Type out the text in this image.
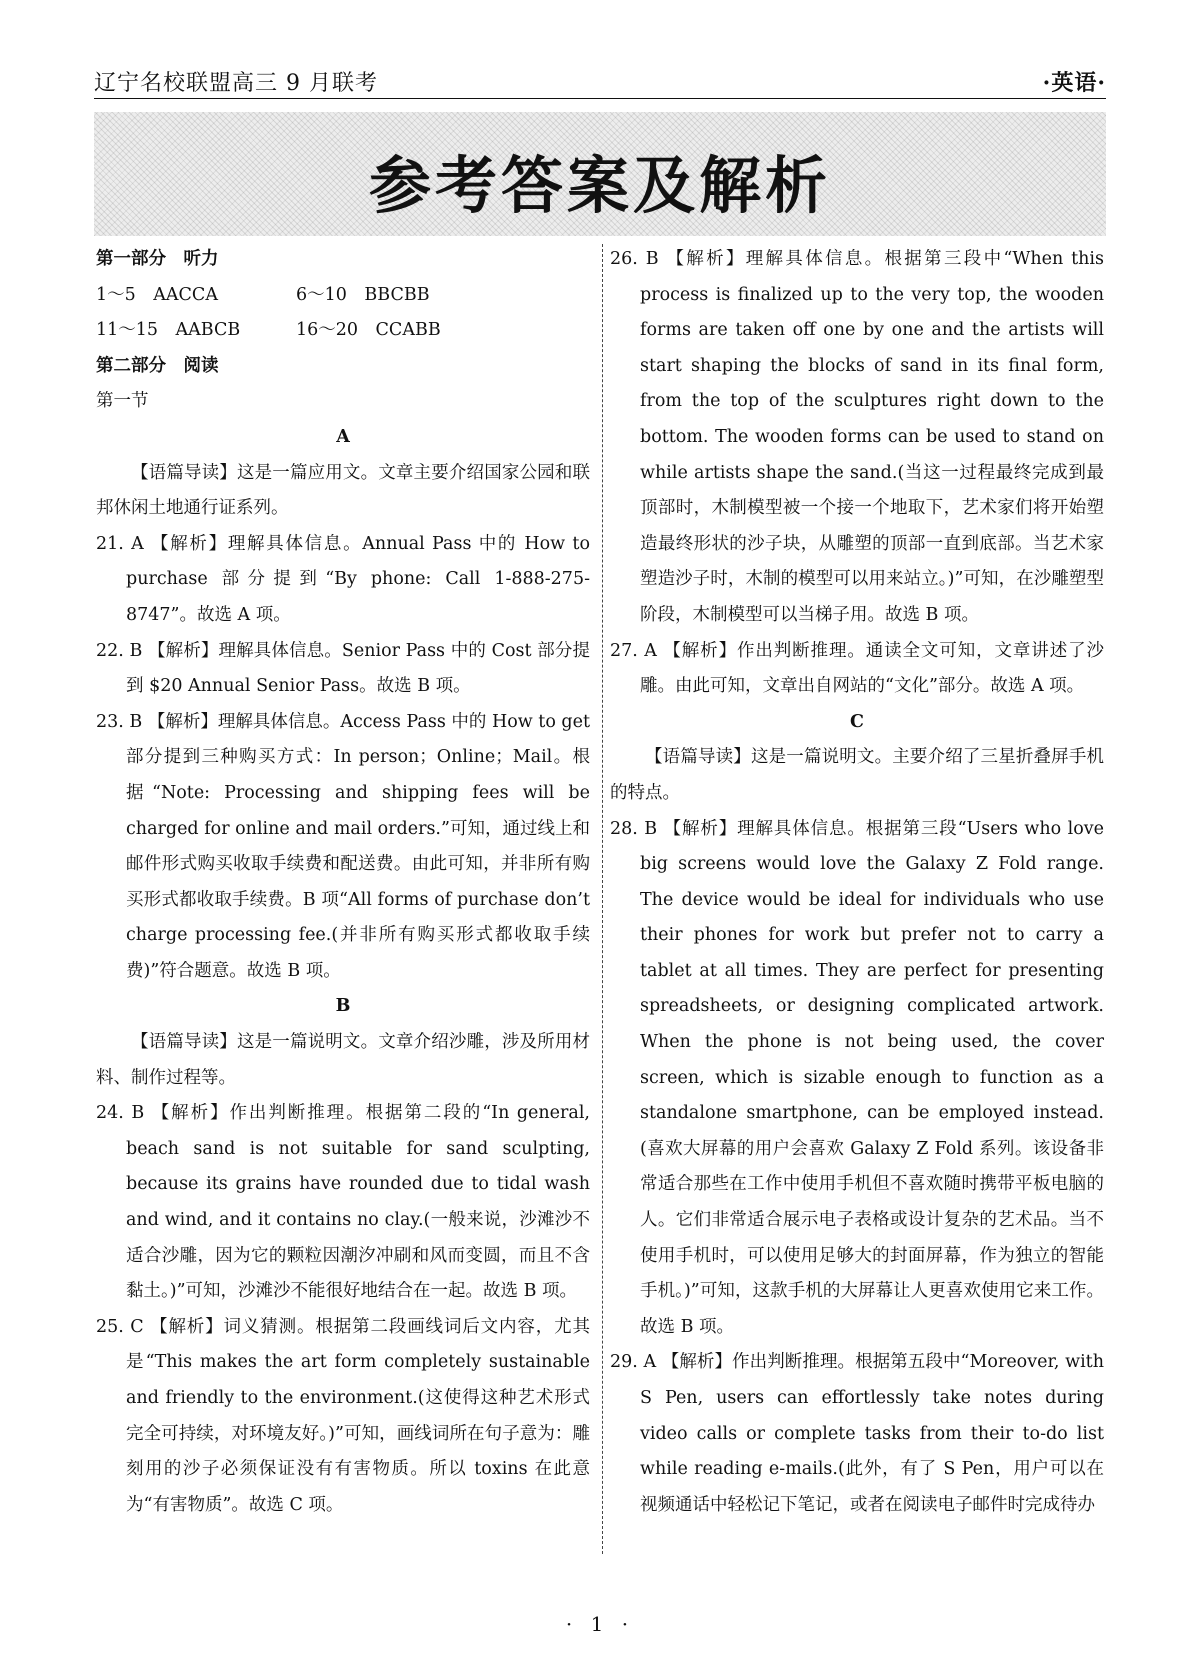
辽宁名校联盟高三 9 月联考	·英语·
参考答案及解析

第一部分　听力

1～5　AACCA	6～10　BBCBB
11～15　AABCB	16～20　CCABB

第二部分　阅读

第一节

A

【语篇导读】这是一篇应用文。文章主要介绍国家公园和联邦休闲土地通行证系列。

21. A 【解析】理解具体信息。Annual Pass 中的 How to purchase 部分提到“By phone: Call 1-888-275-8747”。故选 A 项。

22. B 【解析】理解具体信息。Senior Pass 中的 Cost 部分提到 $20 Annual Senior Pass。故选 B 项。

23. B 【解析】理解具体信息。Access Pass 中的 How to get 部分提到三种购买方式：In person；Online；Mail。根据“Note: Processing and shipping fees will be charged for online and mail orders.”可知，通过线上和邮件形式购买收取手续费和配送费。由此可知，并非所有购买形式都收取手续费。B 项“All forms of purchase don’t charge processing fee.(并非所有购买形式都收取手续费)”符合题意。故选 B 项。

B

【语篇导读】这是一篇说明文。文章介绍沙雕，涉及所用材料、制作过程等。

24. B 【解析】作出判断推理。根据第二段的“In general, beach sand is not suitable for sand sculpting, because its grains have rounded due to tidal wash and wind, and it contains no clay.(一般来说，沙滩沙不适合沙雕，因为它的颗粒因潮汐冲刷和风而变圆，而且不含黏土。)”可知，沙滩沙不能很好地结合在一起。故选 B 项。

25. C 【解析】词义猜测。根据第二段画线词后文内容，尤其是“This makes the art form completely sustainable and friendly to the environment.(这使得这种艺术形式完全可持续，对环境友好。)”可知，画线词所在句子意为：雕刻用的沙子必须保证没有有害物质。所以 toxins 在此意为“有害物质”。故选 C 项。

26. B 【解析】理解具体信息。根据第三段中“When this process is finalized up to the very top, the wooden forms are taken off one by one and the artists will start shaping the blocks of sand in its final form, from the top of the sculptures right down to the bottom. The wooden forms can be used to stand on while artists shape the sand.(当这一过程最终完成到最顶部时，木制模型被一个接一个地取下，艺术家们将开始塑造最终形状的沙子块，从雕塑的顶部一直到底部。当艺术家塑造沙子时，木制的模型可以用来站立。)”可知，在沙雕塑型阶段，木制模型可以当梯子用。故选 B 项。

27. A 【解析】作出判断推理。通读全文可知，文章讲述了沙雕。由此可知，文章出自网站的“文化”部分。故选 A 项。

C

【语篇导读】这是一篇说明文。主要介绍了三星折叠屏手机的特点。

28. B 【解析】理解具体信息。根据第三段“Users who love big screens would love the Galaxy Z Fold range. The device would be ideal for individuals who use their phones for work but prefer not to carry a tablet at all times. They are perfect for presenting spreadsheets, or designing complicated artwork. When the phone is not being used, the cover screen, which is sizable enough to function as a standalone smartphone, can be employed instead.(喜欢大屏幕的用户会喜欢 Galaxy Z Fold 系列。该设备非常适合那些在工作中使用手机但不喜欢随时携带平板电脑的人。它们非常适合展示电子表格或设计复杂的艺术品。当不使用手机时，可以使用足够大的封面屏幕，作为独立的智能手机。)”可知，这款手机的大屏幕让人更喜欢使用它来工作。故选 B 项。

29. A 【解析】作出判断推理。根据第五段中“Moreover, with S Pen, users can effortlessly take notes during video calls or complete tasks from their to-do list while reading e-mails.(此外，有了 S Pen，用户可以在视频通话中轻松记下笔记，或者在阅读电子邮件时完成待办

· 1 ·
